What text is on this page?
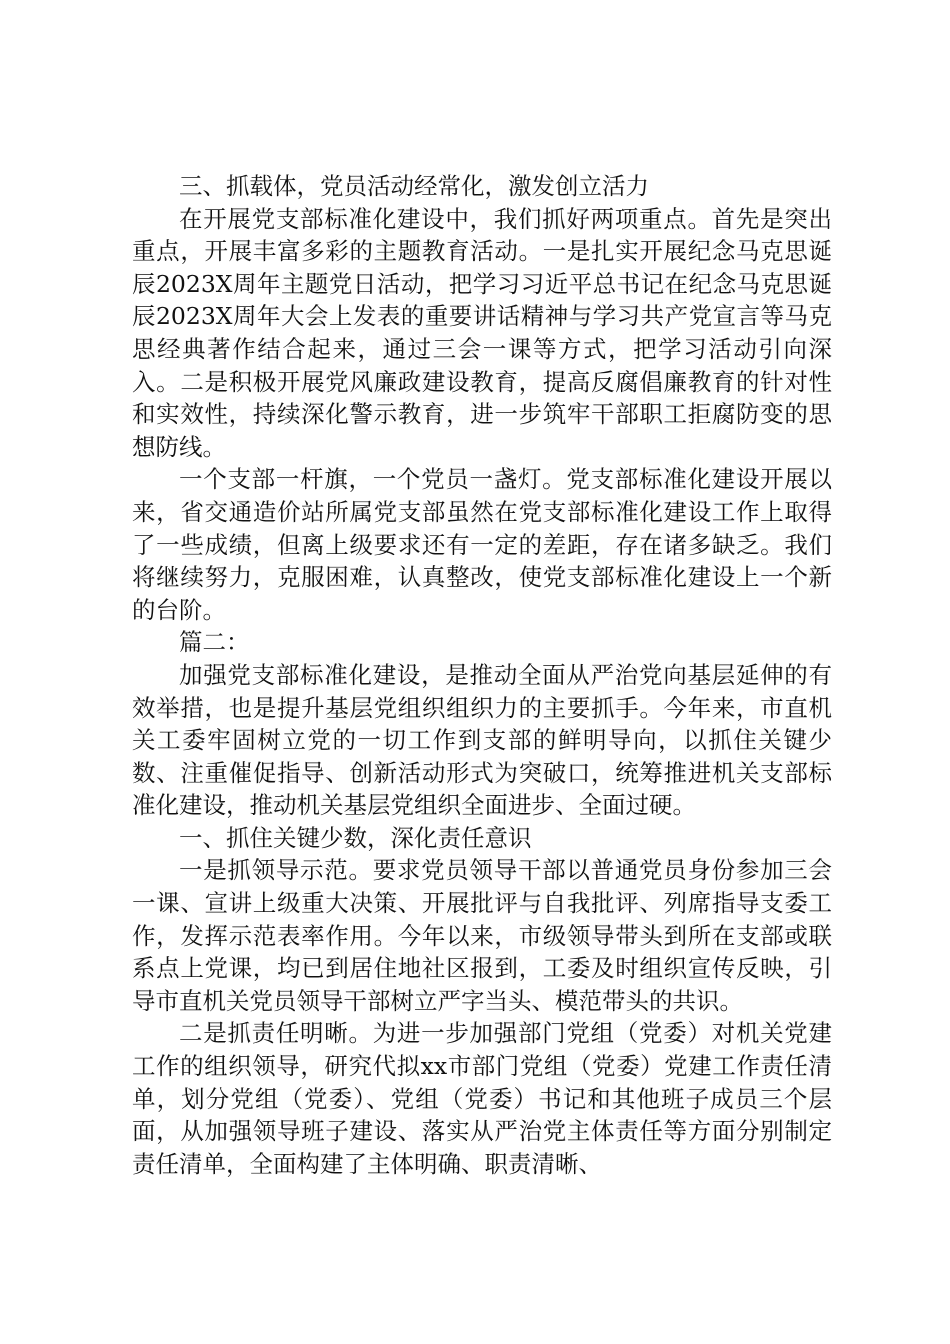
三、抓载体，党员活动经常化，激发创立活力

在开展党支部标准化建设中，我们抓好两项重点。首先是突出重点，开展丰富多彩的主题教育活动。一是扎实开展纪念马克思诞辰2023X周年主题党日活动，把学习习近平总书记在纪念马克思诞辰2023X周年大会上发表的重要讲话精神与学习共产党宣言等马克思经典著作结合起来，通过三会一课等方式，把学习活动引向深入。二是积极开展党风廉政建设教育，提高反腐倡廉教育的针对性和实效性，持续深化警示教育，进一步筑牢干部职工拒腐防变的思想防线。

一个支部一杆旗，一个党员一盏灯。党支部标准化建设开展以来，省交通造价站所属党支部虽然在党支部标准化建设工作上取得了一些成绩，但离上级要求还有一定的差距，存在诸多缺乏。我们将继续努力，克服困难，认真整改，使党支部标准化建设上一个新的台阶。

篇二：

加强党支部标准化建设，是推动全面从严治党向基层延伸的有效举措，也是提升基层党组织组织力的主要抓手。今年来，市直机关工委牢固树立党的一切工作到支部的鲜明导向，以抓住关键少数、注重催促指导、创新活动形式为突破口，统筹推进机关支部标准化建设，推动机关基层党组织全面进步、全面过硬。

一、抓住关键少数，深化责任意识

一是抓领导示范。要求党员领导干部以普通党员身份参加三会一课、宣讲上级重大决策、开展批评与自我批评、列席指导支委工作，发挥示范表率作用。今年以来，市级领导带头到所在支部或联系点上党课，均已到居住地社区报到，工委及时组织宣传反映，引导市直机关党员领导干部树立严字当头、模范带头的共识。

二是抓责任明晰。为进一步加强部门党组（党委）对机关党建工作的组织领导，研究代拟xx市部门党组（党委）党建工作责任清单，划分党组（党委）、党组（党委）书记和其他班子成员三个层面，从加强领导班子建设、落实从严治党主体责任等方面分别制定责任清单，全面构建了主体明确、职责清晰、
